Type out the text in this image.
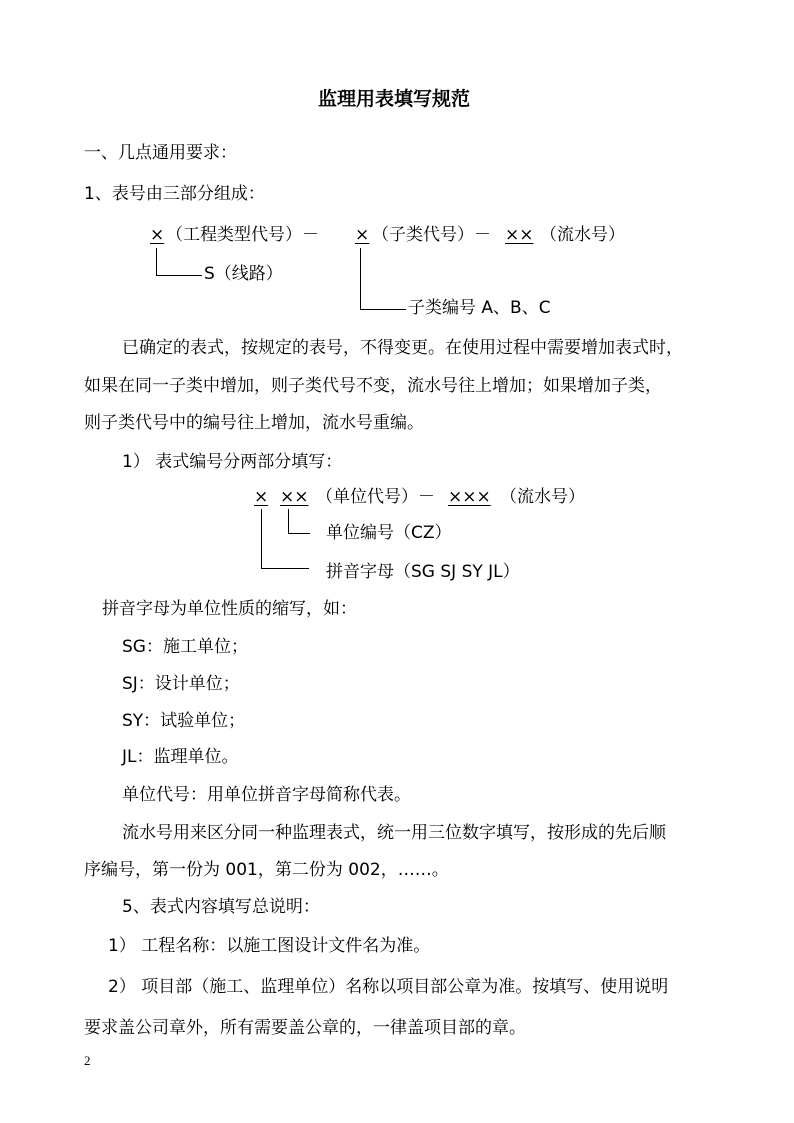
监理用表填写规范
一、几点通用要求：
1、表号由三部分组成：
× （工程类型代号）－ × （子类代号）－ ×× （流水号）
S（线路）
子类编号 A、B、C
已确定的表式，按规定的表号，不得变更。在使用过程中需要增加表式时，
如果在同一子类中增加，则子类代号不变，流水号往上增加；如果增加子类，
则子类代号中的编号往上增加，流水号重编。
1） 表式编号分两部分填写：
× ×× （单位代号）－ ××× （流水号）
单位编号（CZ）
拼音字母（SG SJ SY JL）
拼音字母为单位性质的缩写，如：
SG：施工单位；
SJ：设计单位；
SY：试验单位；
JL：监理单位。
单位代号：用单位拼音字母简称代表。
流水号用来区分同一种监理表式，统一用三位数字填写，按形成的先后顺
序编号，第一份为 001，第二份为 002，……。
5、表式内容填写总说明：
1） 工程名称：以施工图设计文件名为准。
2） 项目部（施工、监理单位）名称以项目部公章为准。按填写、使用说明
要求盖公司章外，所有需要盖公章的，一律盖项目部的章。
2
